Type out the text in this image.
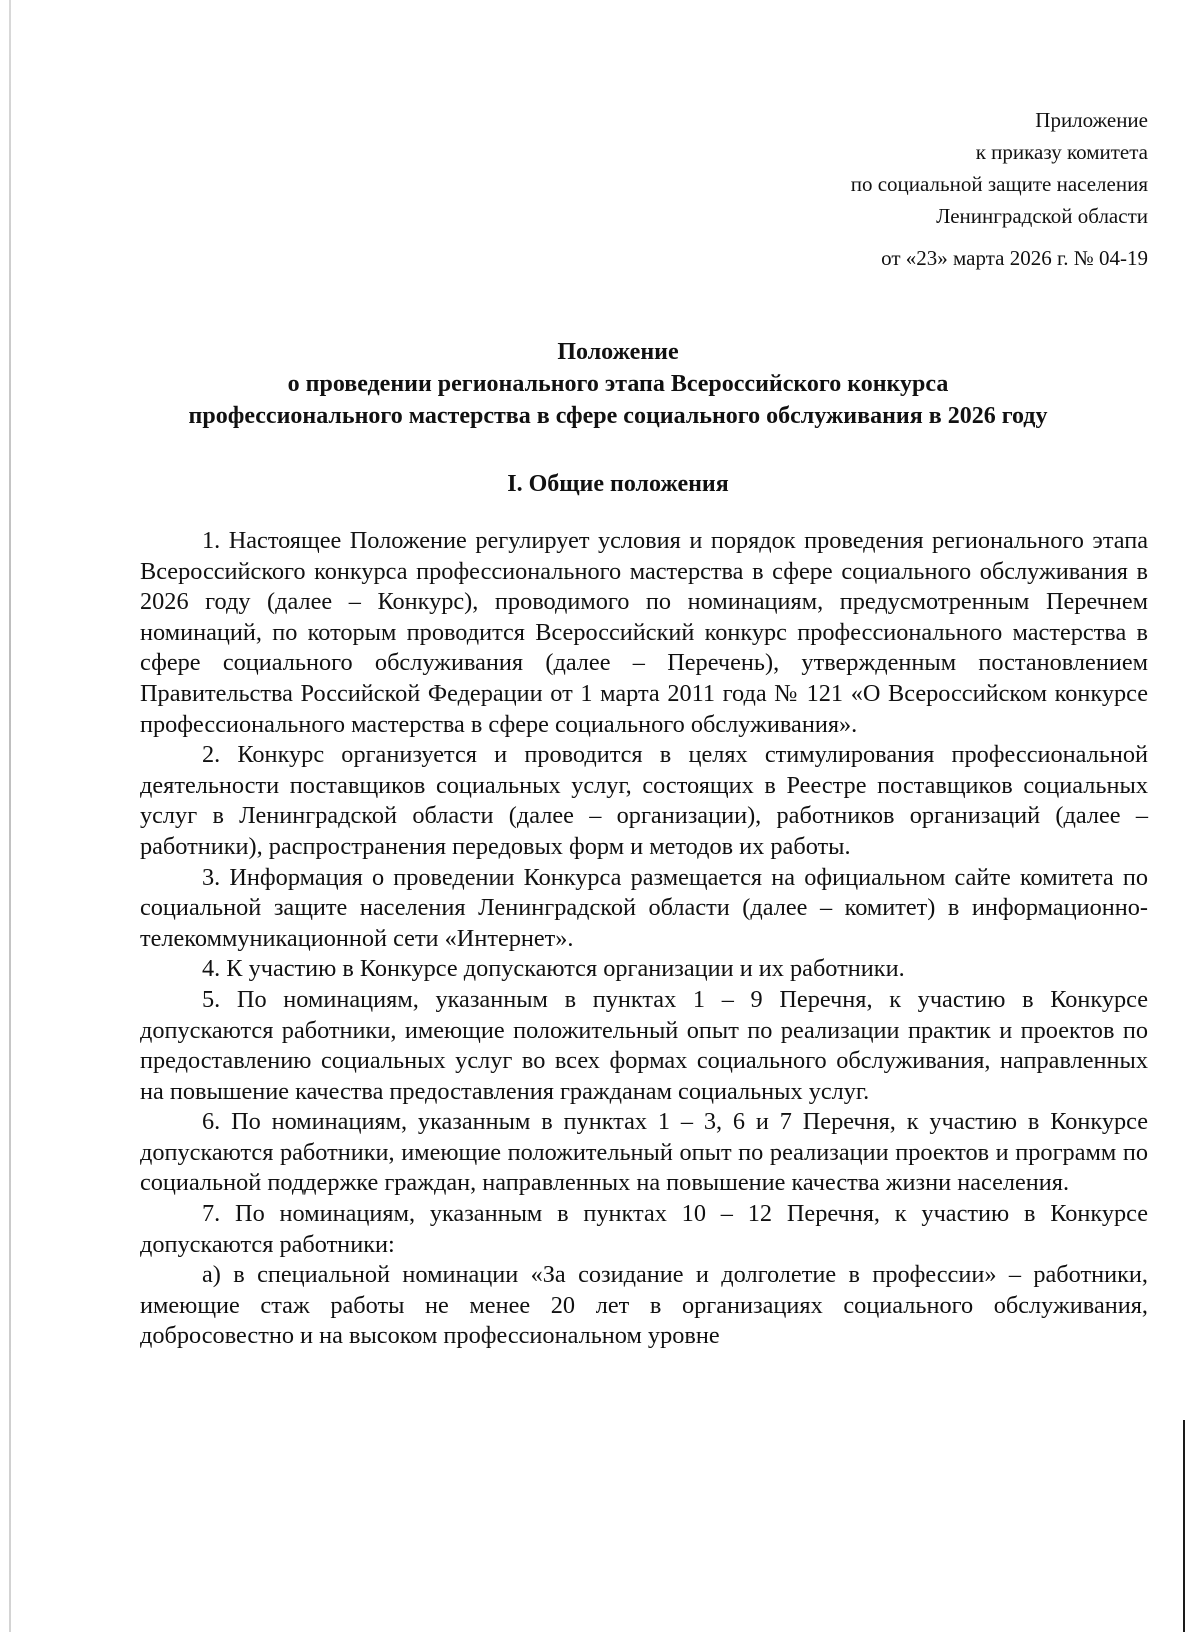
Приложение
к приказу комитета
по социальной защите населения
Ленинградской области
от «23» марта 2026 г. № 04-19
Положение
о проведении регионального этапа Всероссийского конкурса
профессионального мастерства в сфере социального обслуживания в 2026 году
I. Общие положения

1. Настоящее Положение регулирует условия и порядок проведения регионального этапа Всероссийского конкурса профессионального мастерства в сфере социального обслуживания в 2026 году (далее – Конкурс), проводимого по номинациям, предусмотренным Перечнем номинаций, по которым проводится Всероссийский конкурс профессионального мастерства в сфере социального обслуживания (далее – Перечень), утвержденным постановлением Правительства Российской Федерации от 1 марта 2011 года № 121 «О Всероссийском конкурсе профессионального мастерства в сфере социального обслуживания».

2. Конкурс организуется и проводится в целях стимулирования профессиональной деятельности поставщиков социальных услуг, состоящих в Реестре поставщиков социальных услуг в Ленинградской области (далее – организации), работников организаций (далее – работники), распространения передовых форм и методов их работы.

3. Информация о проведении Конкурса размещается на официальном сайте комитета по социальной защите населения Ленинградской области (далее – комитет) в информационно-телекоммуникационной сети «Интернет».

4. К участию в Конкурсе допускаются организации и их работники.

5. По номинациям, указанным в пунктах 1 – 9 Перечня, к участию в Конкурсе допускаются работники, имеющие положительный опыт по реализации практик и проектов по предоставлению социальных услуг во всех формах социального обслуживания, направленных на повышение качества предоставления гражданам социальных услуг.

6. По номинациям, указанным в пунктах 1 – 3, 6 и 7 Перечня, к участию в Конкурсе допускаются работники, имеющие положительный опыт по реализации проектов и программ по социальной поддержке граждан, направленных на повышение качества жизни населения.

7. По номинациям, указанным в пунктах 10 – 12 Перечня, к участию в Конкурсе допускаются работники:

а) в специальной номинации «За созидание и долголетие в профессии» – работники, имеющие стаж работы не менее 20 лет в организациях социального обслуживания, добросовестно и на высоком профессиональном уровне
